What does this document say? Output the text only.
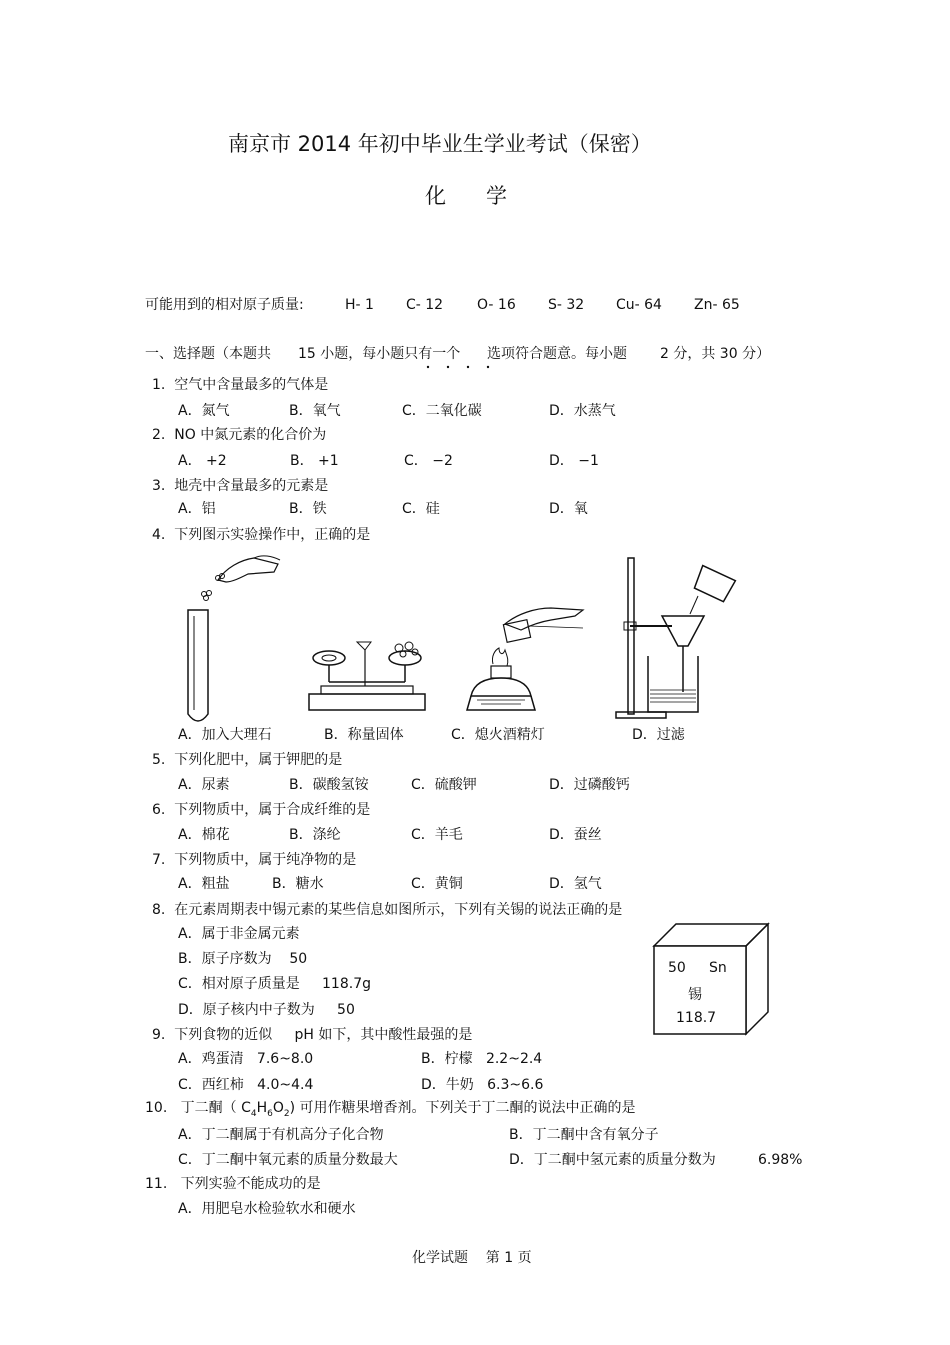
南京市 2014 年初中毕业生学业考试（保密）
化      学
可能用到的相对原子质量:	H- 1 C- 12 O- 16 S- 32 Cu- 64 Zn- 65
一、选择题（本题共 15 小题，每小题只有一个 选项符合题意。每小题 2 分，共 30 分）
1.  空气中含量最多的气体是
A．氮气	B．氧气	C．二氧化碳	D．水蒸气
2.  NO 中氮元素的化合价为
A． +2	B． +1	C． −2	D． −1
3.  地壳中含量最多的元素是
A．铝	B．铁	C．硅	D．氧
4.  下列图示实验操作中，正确的是
A．加入大理石	B．称量固体	C．熄火酒精灯	D．过滤
5.  下列化肥中，属于钾肥的是
A．尿素	B．碳酸氢铵	C．硫酸钾	D．过磷酸钙
6.  下列物质中，属于合成纤维的是
A．棉花	B．涤纶	C．羊毛	D．蚕丝
7.  下列物质中，属于纯净物的是
A．粗盐	B．糖水	C．黄铜	D．氢气
8.  在元素周期表中锡元素的某些信息如图所示，下列有关锡的说法正确的是
A．属于非金属元素
B．原子序数为    50
C．相对原子质量是     118.7g
D．原子核内中子数为     50
50 Sn
锡
118.7
9.  下列食物的近似     pH 如下，其中酸性最强的是
A．鸡蛋清   7.6~8.0	B．柠檬   2.2~2.4
C．西红柿   4.0~4.4	D．牛奶   6.3~6.6
10.   丁二酮（ $C_4H_6O_2$) 可用作糖果增香剂。下列关于丁二酮的说法中正确的是
A．丁二酮属于有机高分子化合物	B．丁二酮中含有氧分子
C．丁二酮中氧元素的质量分数最大	D．丁二酮中氢元素的质量分数为	6.98%
11.   下列实验不能成功的是
A．用肥皂水检验软水和硬水
化学试题    第 1 页
